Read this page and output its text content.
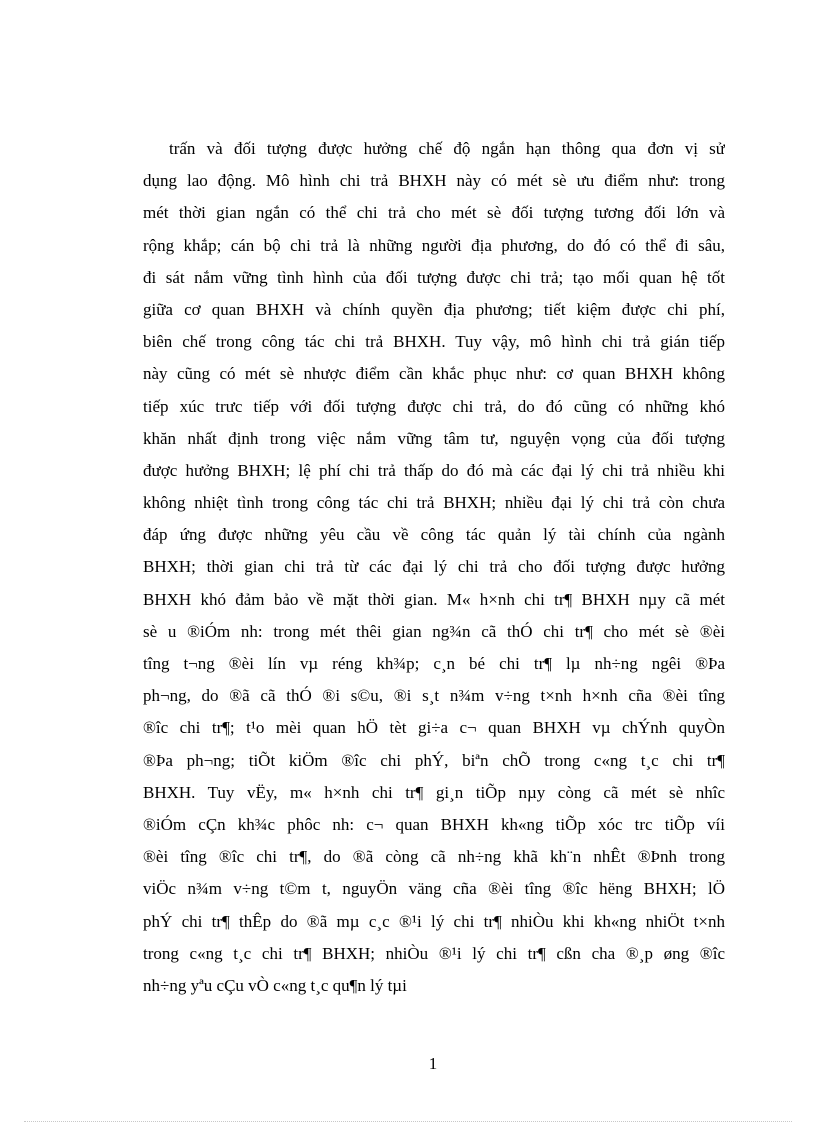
trấn và đối tượng được hưởng chế độ ngắn hạn thông qua đơn vị sử
dụng lao động. Mô hình chi trả BHXH này có mét sè ưu điểm như: trong
mét thời gian ngắn có thể chi trả cho mét sè đối tượng tương đối lớn và
rộng khắp; cán bộ chi trả là những người địa phương, do đó có thể đi sâu,
đi sát nắm vững tình hình của đối tượng được chi trả; tạo mối quan hệ tốt
giữa cơ quan BHXH và chính quyền địa phương; tiết kiệm được chi phí,
biên chế trong công tác chi trả BHXH. Tuy vậy, mô hình chi trả gián tiếp
này cũng có mét sè nhược điểm cần khắc phục như: cơ quan BHXH không
tiếp xúc trưc tiếp với đối tượng được chi trả, do đó cũng có những khó
khăn nhất định trong việc nắm vững tâm tư, nguyện vọng của đối tượng
được hưởng BHXH; lệ phí chi trả thấp do đó mà các đại lý chi trả nhiều khi
không nhiệt tình trong công tác chi trả BHXH; nhiều đại lý chi trả còn chưa
đáp ứng được những yêu cầu về công tác quản lý tài chính của ngành
BHXH; thời gian chi trả từ các đại lý chi trả cho đối tượng được hưởng
BHXH khó đảm bảo về mặt thời gian. M« h×nh chi tr¶ BHXH nµy cã mét
sè u ®iÓm nh: trong mét thêi gian ng¾n cã thÓ chi tr¶ cho mét sè ®èi
tîng t¬ng ®èi lín vµ réng kh¾p; c¸n bé chi tr¶ lµ nh÷ng ngêi ®Þa
ph¬ng, do ®ã cã thÓ ®i s©u, ®i s¸t n¾m v÷ng t×nh h×nh cña ®èi tîng
®îc chi tr¶; t¹o mèi quan hÖ tèt gi÷a c¬ quan BHXH vµ chÝnh quyÒn
®Þa ph¬ng; tiÕt kiÖm ®îc chi phÝ, biªn chÕ trong c«ng t¸c chi tr¶
BHXH. Tuy vËy, m« h×nh chi tr¶ gi¸n tiÕp nµy còng cã mét sè nhîc
®iÓm cÇn kh¾c phôc nh: c¬ quan BHXH kh«ng tiÕp xóc trc tiÕp víi
®èi tîng ®îc chi tr¶, do ®ã còng cã nh÷ng khã kh¨n nhÊt ®Þnh trong
viÖc n¾m v÷ng t©m t, nguyÖn väng cña ®èi tîng ®îc hëng BHXH; lÖ
phÝ chi tr¶ thÊp do ®ã mµ c¸c ®¹i lý chi tr¶ nhiÒu khi kh«ng nhiÖt t×nh
trong c«ng t¸c chi tr¶ BHXH; nhiÒu ®¹i lý chi tr¶ cßn cha ®¸p øng ®îc
nh÷ng yªu cÇu vÒ c«ng t¸c qu¶n lý tµi
1
